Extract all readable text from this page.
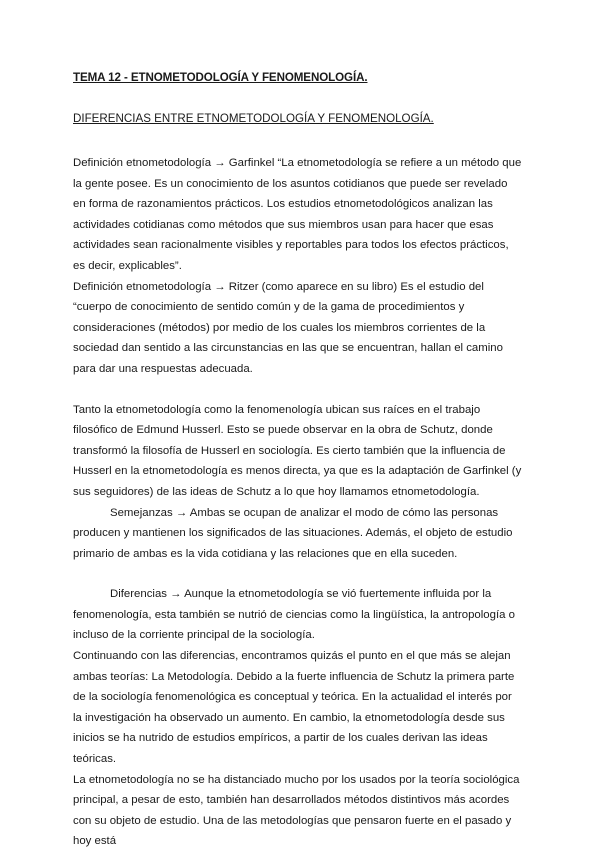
TEMA 12 - ETNOMETODOLOGÍA Y FENOMENOLOGÍA.
DIFERENCIAS ENTRE ETNOMETODOLOGÍA Y FENOMENOLOGÍA.

Definición etnometodología → Garfinkel “La etnometodología se refiere a un método que la gente posee. Es un conocimiento de los asuntos cotidianos que puede ser revelado en forma de razonamientos prácticos. Los estudios etnometodológicos analizan las actividades cotidianas como métodos que sus miembros usan para hacer que esas actividades sean racionalmente visibles y reportables para todos los efectos prácticos, es decir, explicables”.

Definición etnometodología → Ritzer (como aparece en su libro) Es el estudio del “cuerpo de conocimiento de sentido común y de la gama de procedimientos y consideraciones (métodos) por medio de los cuales los miembros corrientes de la sociedad dan sentido a las circunstancias en las que se encuentran, hallan el camino para dar una respuestas adecuada.

Tanto la etnometodología como la fenomenología ubican sus raíces en el trabajo filosófico de Edmund Husserl. Esto se puede observar en la obra de Schutz, donde transformó la filosofía de Husserl en sociología. Es cierto también que la influencia de Husserl en la etnometodología es menos directa, ya que es la adaptación de Garfinkel (y sus seguidores) de las ideas de Schutz a lo que hoy llamamos etnometodología.

Semejanzas → Ambas se ocupan de analizar el modo de cómo las personas producen y mantienen los significados de las situaciones. Además, el objeto de estudio primario de ambas es la vida cotidiana y las relaciones que en ella suceden.

Diferencias → Aunque la etnometodología se vió fuertemente influida por la fenomenología, esta también se nutrió de ciencias como la lingüística, la antropología o incluso de la corriente principal de la sociología.

Continuando con las diferencias, encontramos quizás el punto en el que más se alejan ambas teorías: La Metodología. Debido a la fuerte influencia de Schutz la primera parte de la sociología fenomenológica es conceptual y teórica. En la actualidad el interés por la investigación ha observado un aumento. En cambio, la etnometodología desde sus inicios se ha nutrido de estudios empíricos, a partir de los cuales derivan las ideas teóricas.

La etnometodología no se ha distanciado mucho por los usados por la teoría sociológica principal, a pesar de esto, también han desarrollados métodos distintivos más acordes con su objeto de estudio. Una de las metodologías que pensaron fuerte en el pasado y hoy está
